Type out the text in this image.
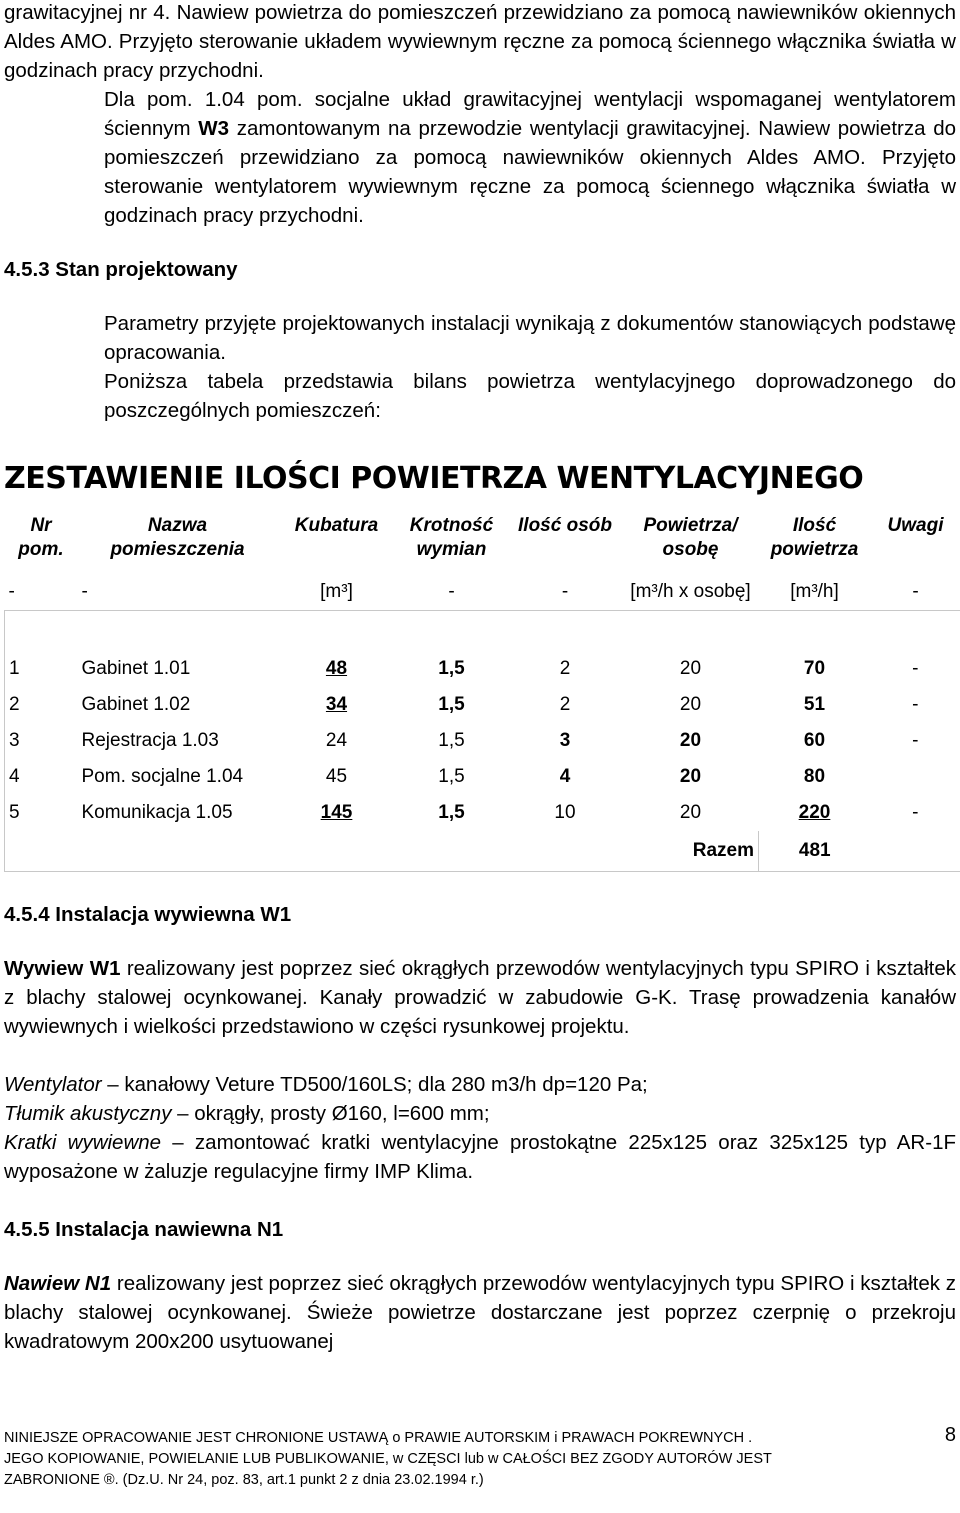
grawitacyjnej nr 4. Nawiew powietrza do pomieszczeń przewidziano za pomocą nawiewników okiennych Aldes AMO. Przyjęto sterowanie układem wywiewnym ręczne za pomocą ściennego włącznika światła w godzinach pracy przychodni.

Dla pom. 1.04 pom. socjalne układ grawitacyjnej wentylacji wspomaganej wentylatorem ściennym W3 zamontowanym na przewodzie wentylacji grawitacyjnej. Nawiew powietrza do pomieszczeń przewidziano za pomocą nawiewników okiennych Aldes AMO. Przyjęto sterowanie wentylatorem wywiewnym ręczne za pomocą ściennego włącznika światła w godzinach pracy przychodni.

4.5.3 Stan projektowany

Parametry przyjęte projektowanych instalacji wynikają z dokumentów stanowiących podstawę opracowania.

Poniższa tabela przedstawia bilans powietrza wentylacyjnego doprowadzonego do poszczególnych pomieszczeń:

ZESTAWIENIE ILOŚCI POWIETRZA WENTYLACYJNEGO
Nr pom.	Nazwa pomieszczenia	Kubatura	Krotność wymian	Ilość osób	Powietrza/ osobę	Ilość powietrza	Uwagi
-	-	[m³]	-	-	[m³/h x osobę]	[m³/h]	-

1	Gabinet 1.01	48	1,5	2	20	70	-
2	Gabinet 1.02	34	1,5	2	20	51	-
3	Rejestracja 1.03	24	1,5	3	20	60	-
4	Pom. socjalne 1.04	45	1,5	4	20	80	
5	Komunikacja 1.05	145	1,5	10	20	220	-
					Razem	481	

4.5.4 Instalacja wywiewna W1

Wywiew W1 realizowany jest poprzez sieć okrągłych przewodów wentylacyjnych typu SPIRO i kształtek z blachy stalowej ocynkowanej. Kanały prowadzić w zabudowie G-K. Trasę prowadzenia kanałów wywiewnych i wielkości przedstawiono w części rysunkowej projektu.

Wentylator – kanałowy Veture TD500/160LS; dla 280 m3/h dp=120 Pa;

Tłumik akustyczny – okrągły, prosty Ø160, l=600 mm;

Kratki wywiewne – zamontować kratki wentylacyjne prostokątne 225x125 oraz 325x125 typ AR-1F wyposażone w żaluzje regulacyjne firmy IMP Klima.

4.5.5 Instalacja nawiewna N1

Nawiew N1 realizowany jest poprzez sieć okrągłych przewodów wentylacyjnych typu SPIRO i kształtek z blachy stalowej ocynkowanej. Świeże powietrze dostarczane jest poprzez czerpnię o przekroju kwadratowym 200x200 usytuowanej

8
NINIEJSZE OPRACOWANIE JEST CHRONIONE USTAWĄ o PRAWIE AUTORSKIM i PRAWACH POKREWNYCH .
JEGO KOPIOWANIE, POWIELANIE LUB PUBLIKOWANIE, w CZĘSCI lub w CAŁOŚCI BEZ ZGODY AUTORÓW JEST
ZABRONIONE ®. (Dz.U. Nr 24, poz. 83, art.1 punkt 2 z dnia 23.02.1994 r.)
